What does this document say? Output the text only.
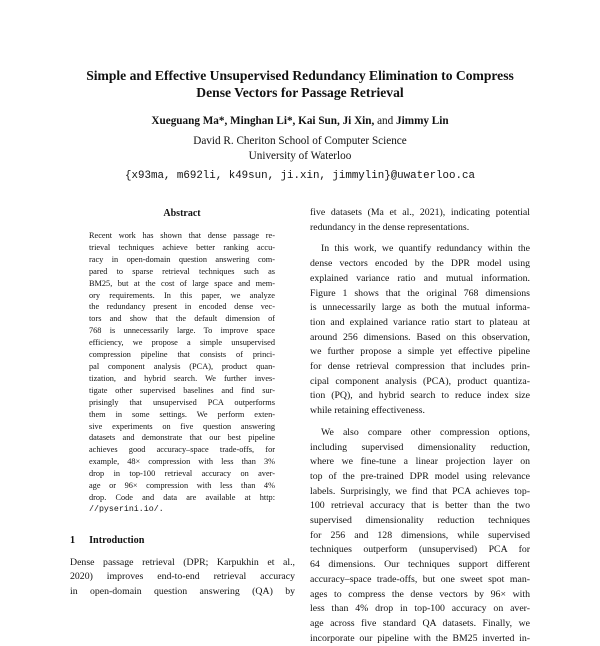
Simple and Effective Unsupervised Redundancy Elimination to Compress
Dense Vectors for Passage Retrieval
Xueguang Ma*, Minghan Li*, Kai Sun, Ji Xin, and Jimmy Lin
David R. Cheriton School of Computer Science
University of Waterloo
{x93ma, m692li, k49sun, ji.xin, jimmylin}@uwaterloo.ca
Abstract
Recent work has shown that dense passage re-
trieval techniques achieve better ranking accu-
racy in open-domain question answering com-
pared to sparse retrieval techniques such as
BM25, but at the cost of large space and mem-
ory requirements. In this paper, we analyze
the redundancy present in encoded dense vec-
tors and show that the default dimension of
768 is unnecessarily large. To improve space
efficiency, we propose a simple unsupervised
compression pipeline that consists of princi-
pal component analysis (PCA), product quan-
tization, and hybrid search. We further inves-
tigate other supervised baselines and find sur-
prisingly that unsupervised PCA outperforms
them in some settings. We perform exten-
sive experiments on five question answering
datasets and demonstrate that our best pipeline
achieves good accuracy–space trade-offs, for
example, 48× compression with less than 3%
drop in top-100 retrieval accuracy on aver-
age or 96× compression with less than 4%
drop. Code and data are available at http:
//pyserini.io/.
1 Introduction
Dense passage retrieval (DPR; Karpukhin et al.,
2020) improves end-to-end retrieval accuracy
in open-domain question answering (QA) by
five datasets (Ma et al., 2021), indicating potential
redundancy in the dense representations.
In this work, we quantify redundancy within the
dense vectors encoded by the DPR model using
explained variance ratio and mutual information.
Figure 1 shows that the original 768 dimensions
is unnecessarily large as both the mutual informa-
tion and explained variance ratio start to plateau at
around 256 dimensions. Based on this observation,
we further propose a simple yet effective pipeline
for dense retrieval compression that includes prin-
cipal component analysis (PCA), product quantiza-
tion (PQ), and hybrid search to reduce index size
while retaining effectiveness.
We also compare other compression options,
including supervised dimensionality reduction,
where we fine-tune a linear projection layer on
top of the pre-trained DPR model using relevance
labels. Surprisingly, we find that PCA achieves top-
100 retrieval accuracy that is better than the two
supervised dimensionality reduction techniques
for 256 and 128 dimensions, while supervised
techniques outperform (unsupervised) PCA for
64 dimensions. Our techniques support different
accuracy–space trade-offs, but one sweet spot man-
ages to compress the dense vectors by 96× with
less than 4% drop in top-100 accuracy on aver-
age across five standard QA datasets. Finally, we
incorporate our pipeline with the BM25 inverted in-
